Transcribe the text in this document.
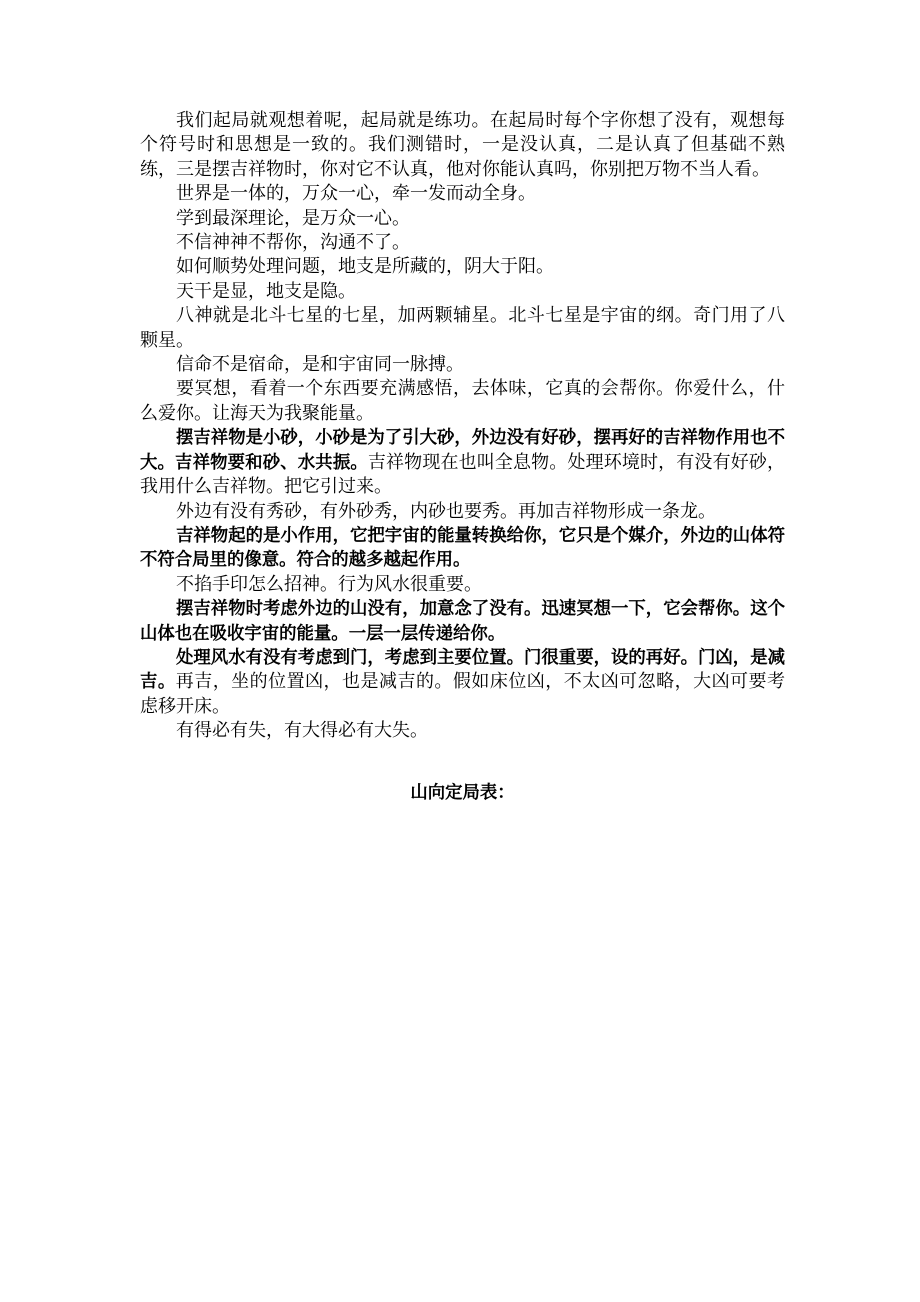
我们起局就观想着呢，起局就是练功。在起局时每个字你想了没有，观想每个符号时和思想是一致的。我们测错时，一是没认真，二是认真了但基础不熟练，三是摆吉祥物时，你对它不认真，他对你能认真吗，你别把万物不当人看。

世界是一体的，万众一心，牵一发而动全身。

学到最深理论，是万众一心。

不信神神不帮你，沟通不了。

如何顺势处理问题，地支是所藏的，阴大于阳。

天干是显，地支是隐。

八神就是北斗七星的七星，加两颗辅星。北斗七星是宇宙的纲。奇门用了八颗星。

信命不是宿命，是和宇宙同一脉搏。

要冥想，看着一个东西要充满感悟，去体味，它真的会帮你。你爱什么，什么爱你。让海天为我聚能量。

摆吉祥物是小砂，小砂是为了引大砂，外边没有好砂，摆再好的吉祥物作用也不大。吉祥物要和砂、水共振。吉祥物现在也叫全息物。处理环境时，有没有好砂，我用什么吉祥物。把它引过来。

外边有没有秀砂，有外砂秀，内砂也要秀。再加吉祥物形成一条龙。

吉祥物起的是小作用，它把宇宙的能量转换给你，它只是个媒介，外边的山体符不符合局里的像意。符合的越多越起作用。

不掐手印怎么招神。行为风水很重要。

摆吉祥物时考虑外边的山没有，加意念了没有。迅速冥想一下，它会帮你。这个山体也在吸收宇宙的能量。一层一层传递给你。

处理风水有没有考虑到门，考虑到主要位置。门很重要，设的再好。门凶，是减吉。再吉，坐的位置凶，也是减吉的。假如床位凶，不太凶可忽略，大凶可要考虑移开床。

有得必有失，有大得必有大失。

山向定局表：
